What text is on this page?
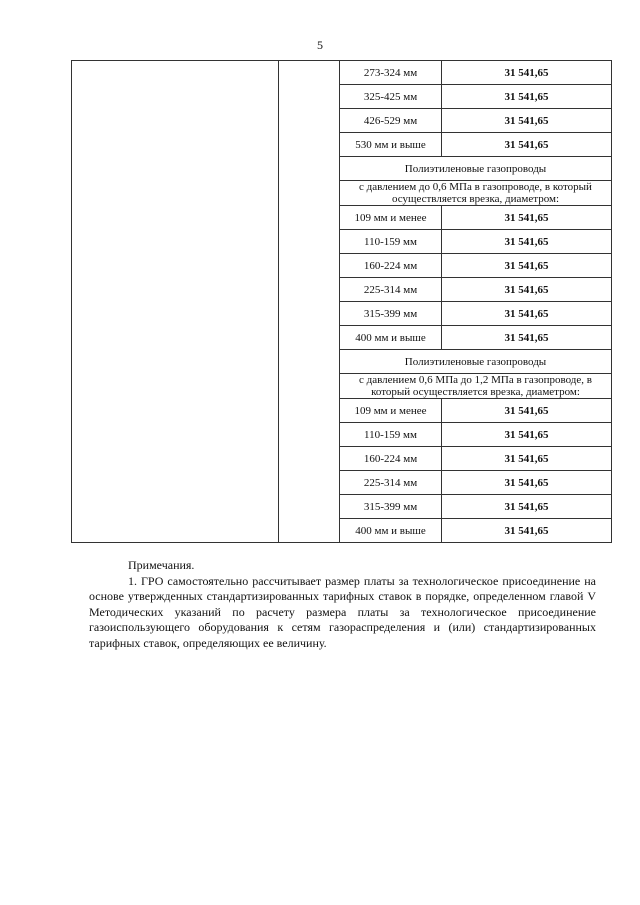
5
		273-324 мм	31 541,65
		325-425 мм	31 541,65
		426-529 мм	31 541,65
		530 мм и выше	31 541,65
		Полиэтиленовые газопроводы	
		с давлением до 0,6 МПа в газопроводе, в который осуществляется врезка, диаметром:	
		109 мм и менее	31 541,65
		110-159 мм	31 541,65
		160-224 мм	31 541,65
		225-314 мм	31 541,65
		315-399 мм	31 541,65
		400 мм и выше	31 541,65
		Полиэтиленовые газопроводы	
		с давлением 0,6 МПа до 1,2 МПа в газопроводе, в который осуществляется врезка, диаметром:	
		109 мм и менее	31 541,65
		110-159 мм	31 541,65
		160-224 мм	31 541,65
		225-314 мм	31 541,65
		315-399 мм	31 541,65
		400 мм и выше	31 541,65
Примечания.

1. ГРО самостоятельно рассчитывает размер платы за технологическое присоединение на основе утвержденных стандартизированных тарифных ставок в порядке, определенном главой V Методических указаний по расчету размера платы за технологическое присоединение газоиспользующего оборудования к сетям газораспределения и (или) стандартизированных тарифных ставок, определяющих ее величину.
